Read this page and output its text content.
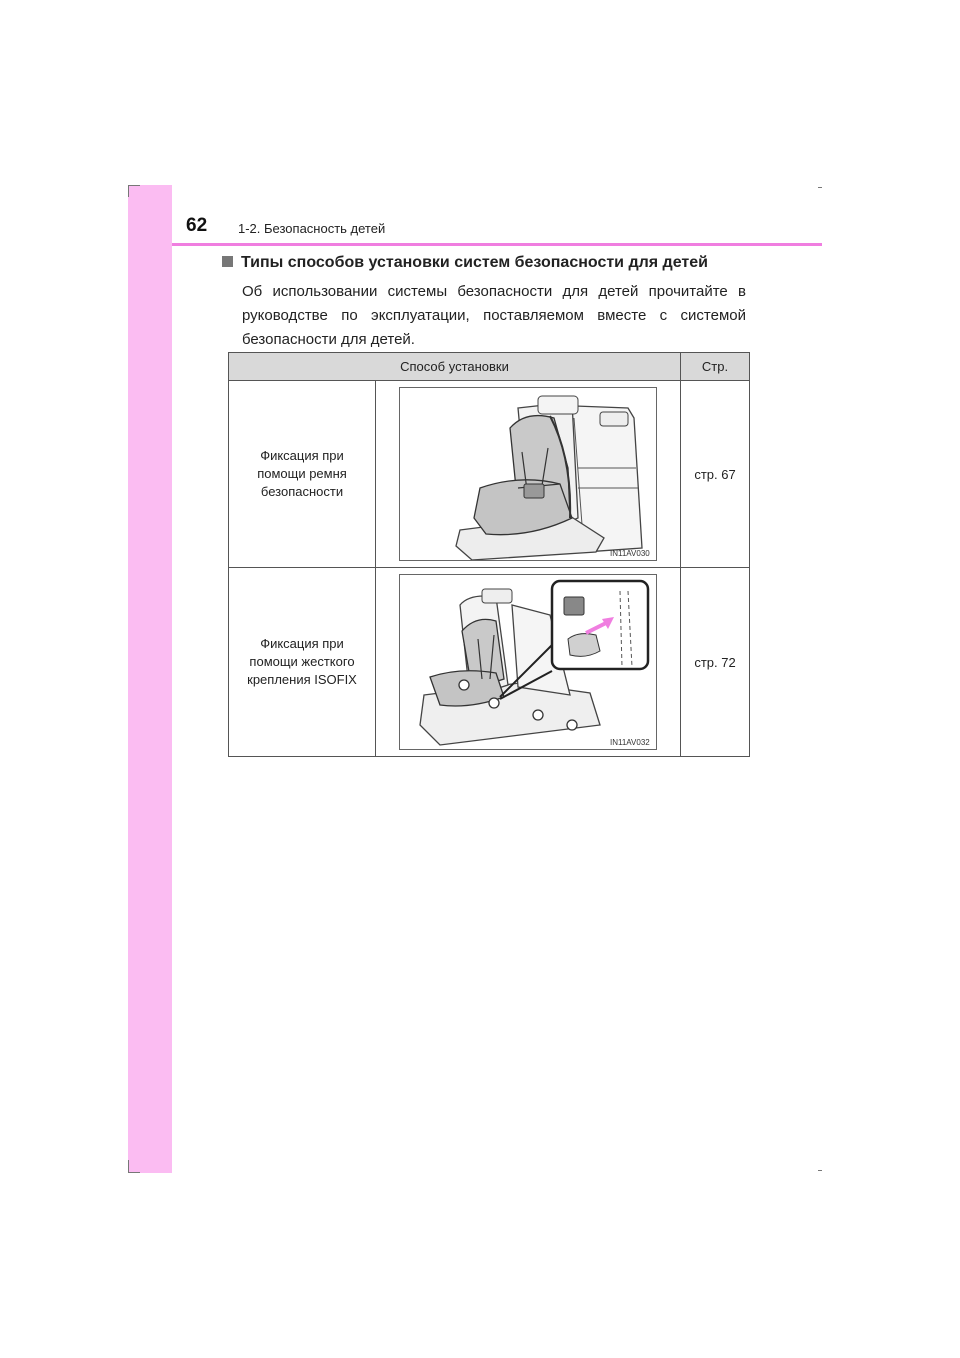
62 1-2. Безопасность детей
Типы способов установки систем безопасности для детей
Об использовании системы безопасности для детей прочитайте в руководстве по эксплуатации, поставляемом вместе с системой безопасности для детей.
Способ установки		Стр.

Фиксация при помощи ремня безопасности	IN11AV030	стр. 67

Фиксация при помощи жесткого крепления ISOFIX	IN11AV032	стр. 72
